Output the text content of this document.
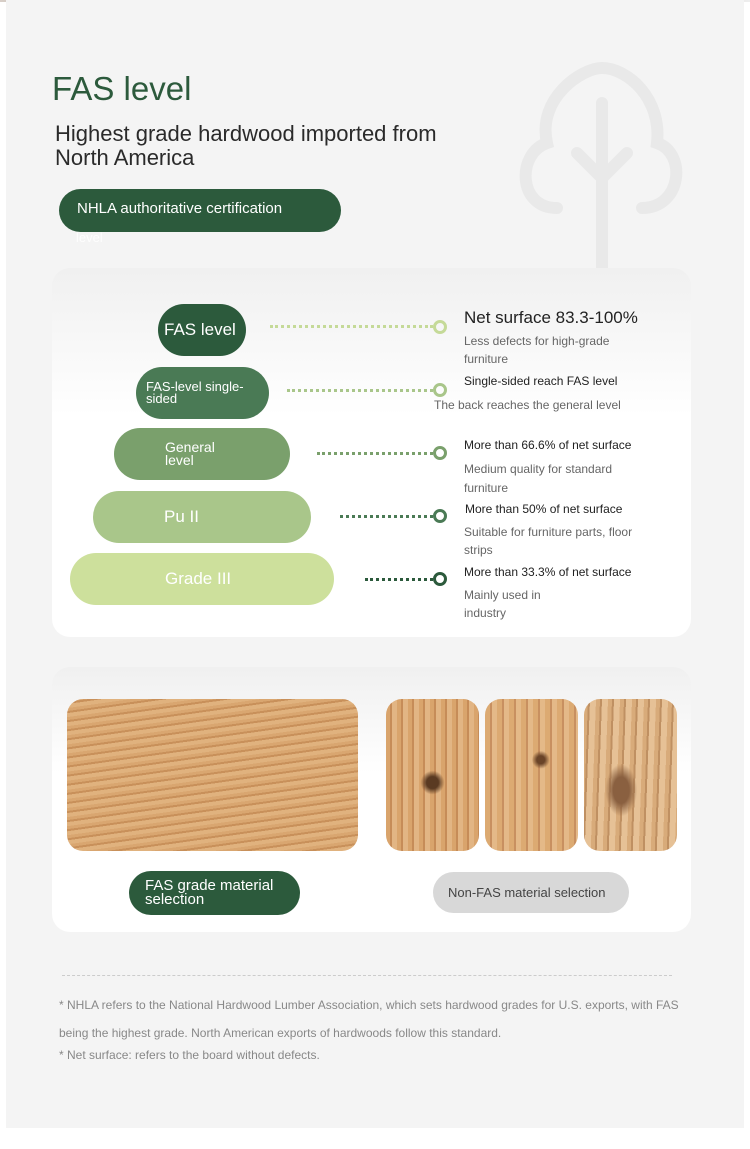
FAS level
Highest grade hardwood imported from North America
NHLA authoritative certification
level
FAS level
FAS-level single-sided
General level
Pu II
Grade III
Net surface 83.3-100%
Less defects for high-grade furniture
Single-sided reach FAS level
The back reaches the general level
More than 66.6% of net surface
Medium quality for standard furniture
More than 50% of net surface
Suitable for furniture parts, floor strips
More than 33.3% of net surface
Mainly used in industry
FAS grade material selection	Non-FAS material selection
* NHLA refers to the National Hardwood Lumber Association, which sets hardwood grades for U.S. exports, with FAS being the highest grade. North American exports of hardwoods follow this standard.
* Net surface: refers to the board without defects.
